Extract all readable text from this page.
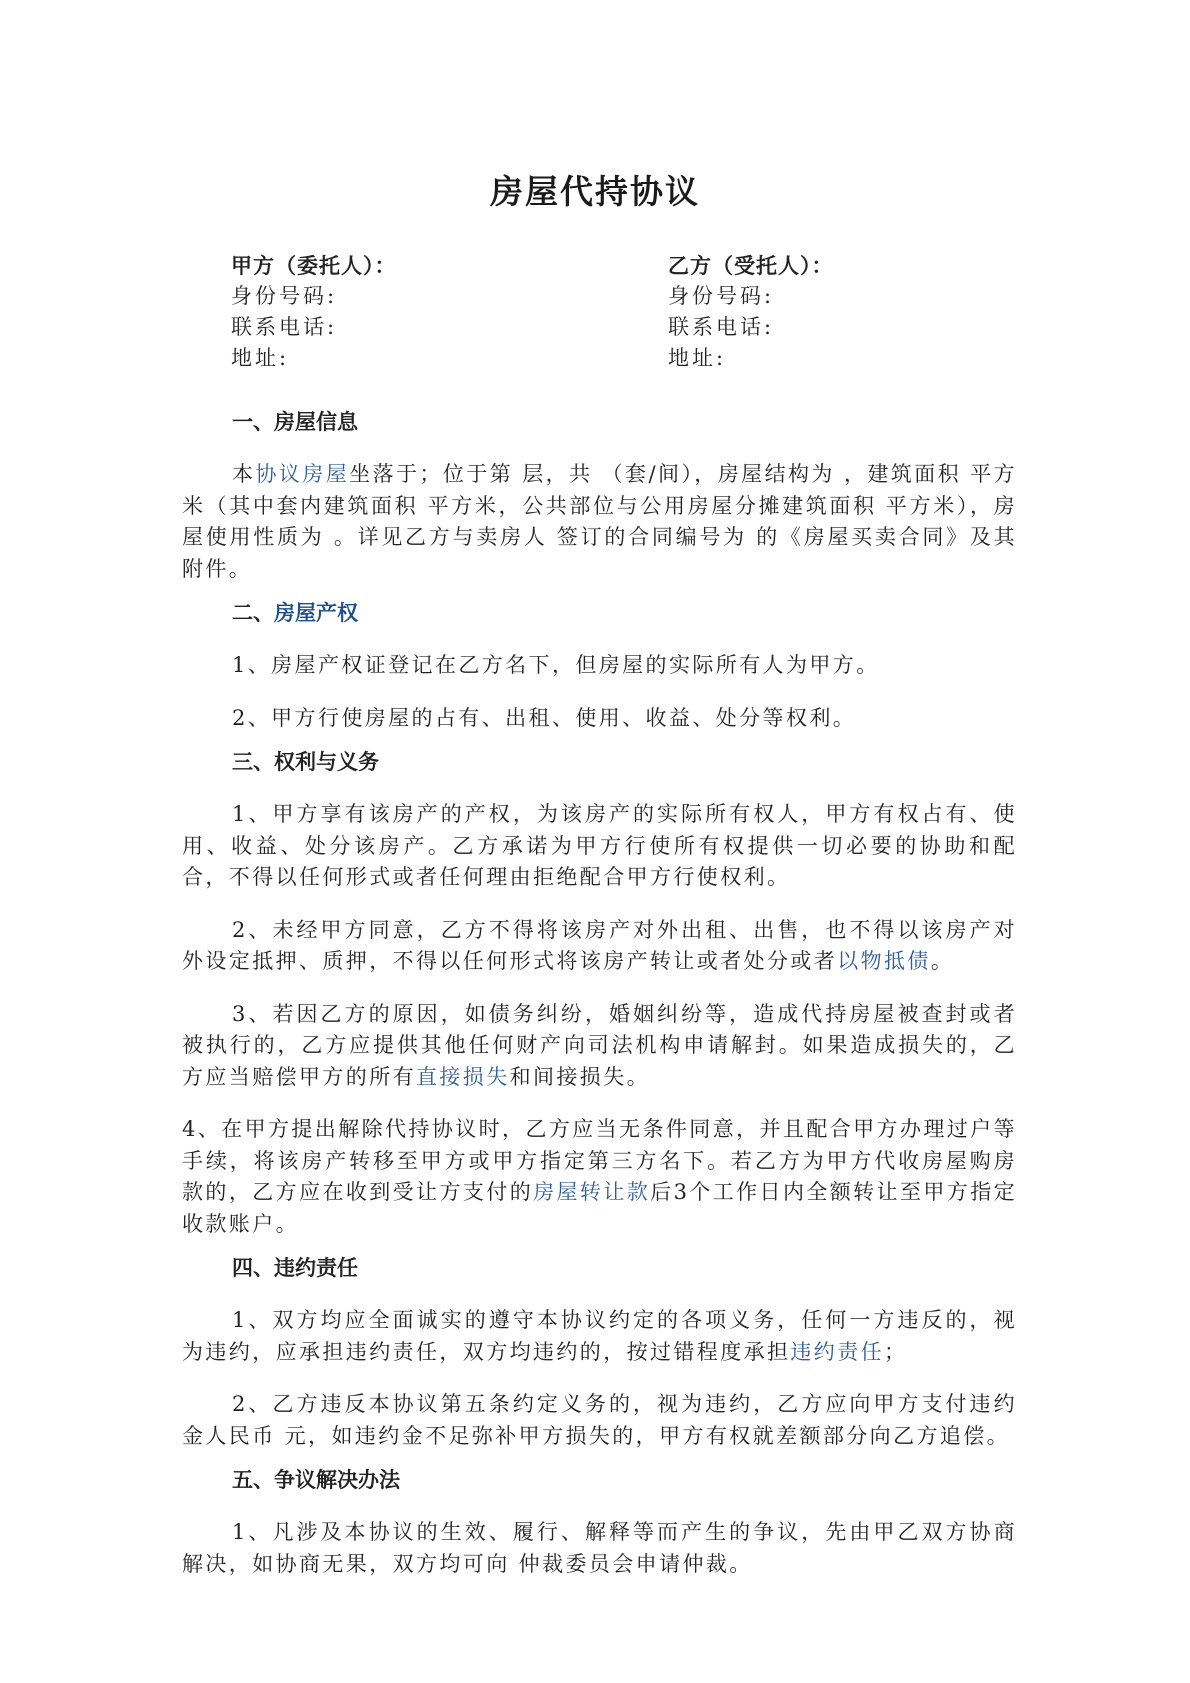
房屋代持协议
甲方（委托人）：
身份号码:
联系电话:
地址:
乙方（受托人）：
身份号码:
联系电话:
地址:
一、房屋信息

本协议房屋坐落于；位于第 层，共 （套/间），房屋结构为 ，建筑面积 平方米（其中套内建筑面积 平方米，公共部位与公用房屋分摊建筑面积 平方米），房屋使用性质为 。详见乙方与卖房人 签订的合同编号为 的《房屋买卖合同》及其附件。

二、房屋产权

1、房屋产权证登记在乙方名下，但房屋的实际所有人为甲方。

2、甲方行使房屋的占有、出租、使用、收益、处分等权利。

三、权利与义务

1、甲方享有该房产的产权，为该房产的实际所有权人，甲方有权占有、使用、收益、处分该房产。乙方承诺为甲方行使所有权提供一切必要的协助和配合，不得以任何形式或者任何理由拒绝配合甲方行使权利。

2、未经甲方同意，乙方不得将该房产对外出租、出售，也不得以该房产对外设定抵押、质押，不得以任何形式将该房产转让或者处分或者以物抵债。

3、若因乙方的原因，如债务纠纷，婚姻纠纷等，造成代持房屋被查封或者被执行的，乙方应提供其他任何财产向司法机构申请解封。如果造成损失的，乙方应当赔偿甲方的所有直接损失和间接损失。

4、在甲方提出解除代持协议时，乙方应当无条件同意，并且配合甲方办理过户等手续，将该房产转移至甲方或甲方指定第三方名下。若乙方为甲方代收房屋购房款的，乙方应在收到受让方支付的房屋转让款后3个工作日内全额转让至甲方指定收款账户。

四、违约责任

1、双方均应全面诚实的遵守本协议约定的各项义务，任何一方违反的，视为违约，应承担违约责任，双方均违约的，按过错程度承担违约责任；

2、乙方违反本协议第五条约定义务的，视为违约，乙方应向甲方支付违约金人民币 元，如违约金不足弥补甲方损失的，甲方有权就差额部分向乙方追偿。

五、争议解决办法

1、凡涉及本协议的生效、履行、解释等而产生的争议，先由甲乙双方协商解决，如协商无果，双方均可向 仲裁委员会申请仲裁。
